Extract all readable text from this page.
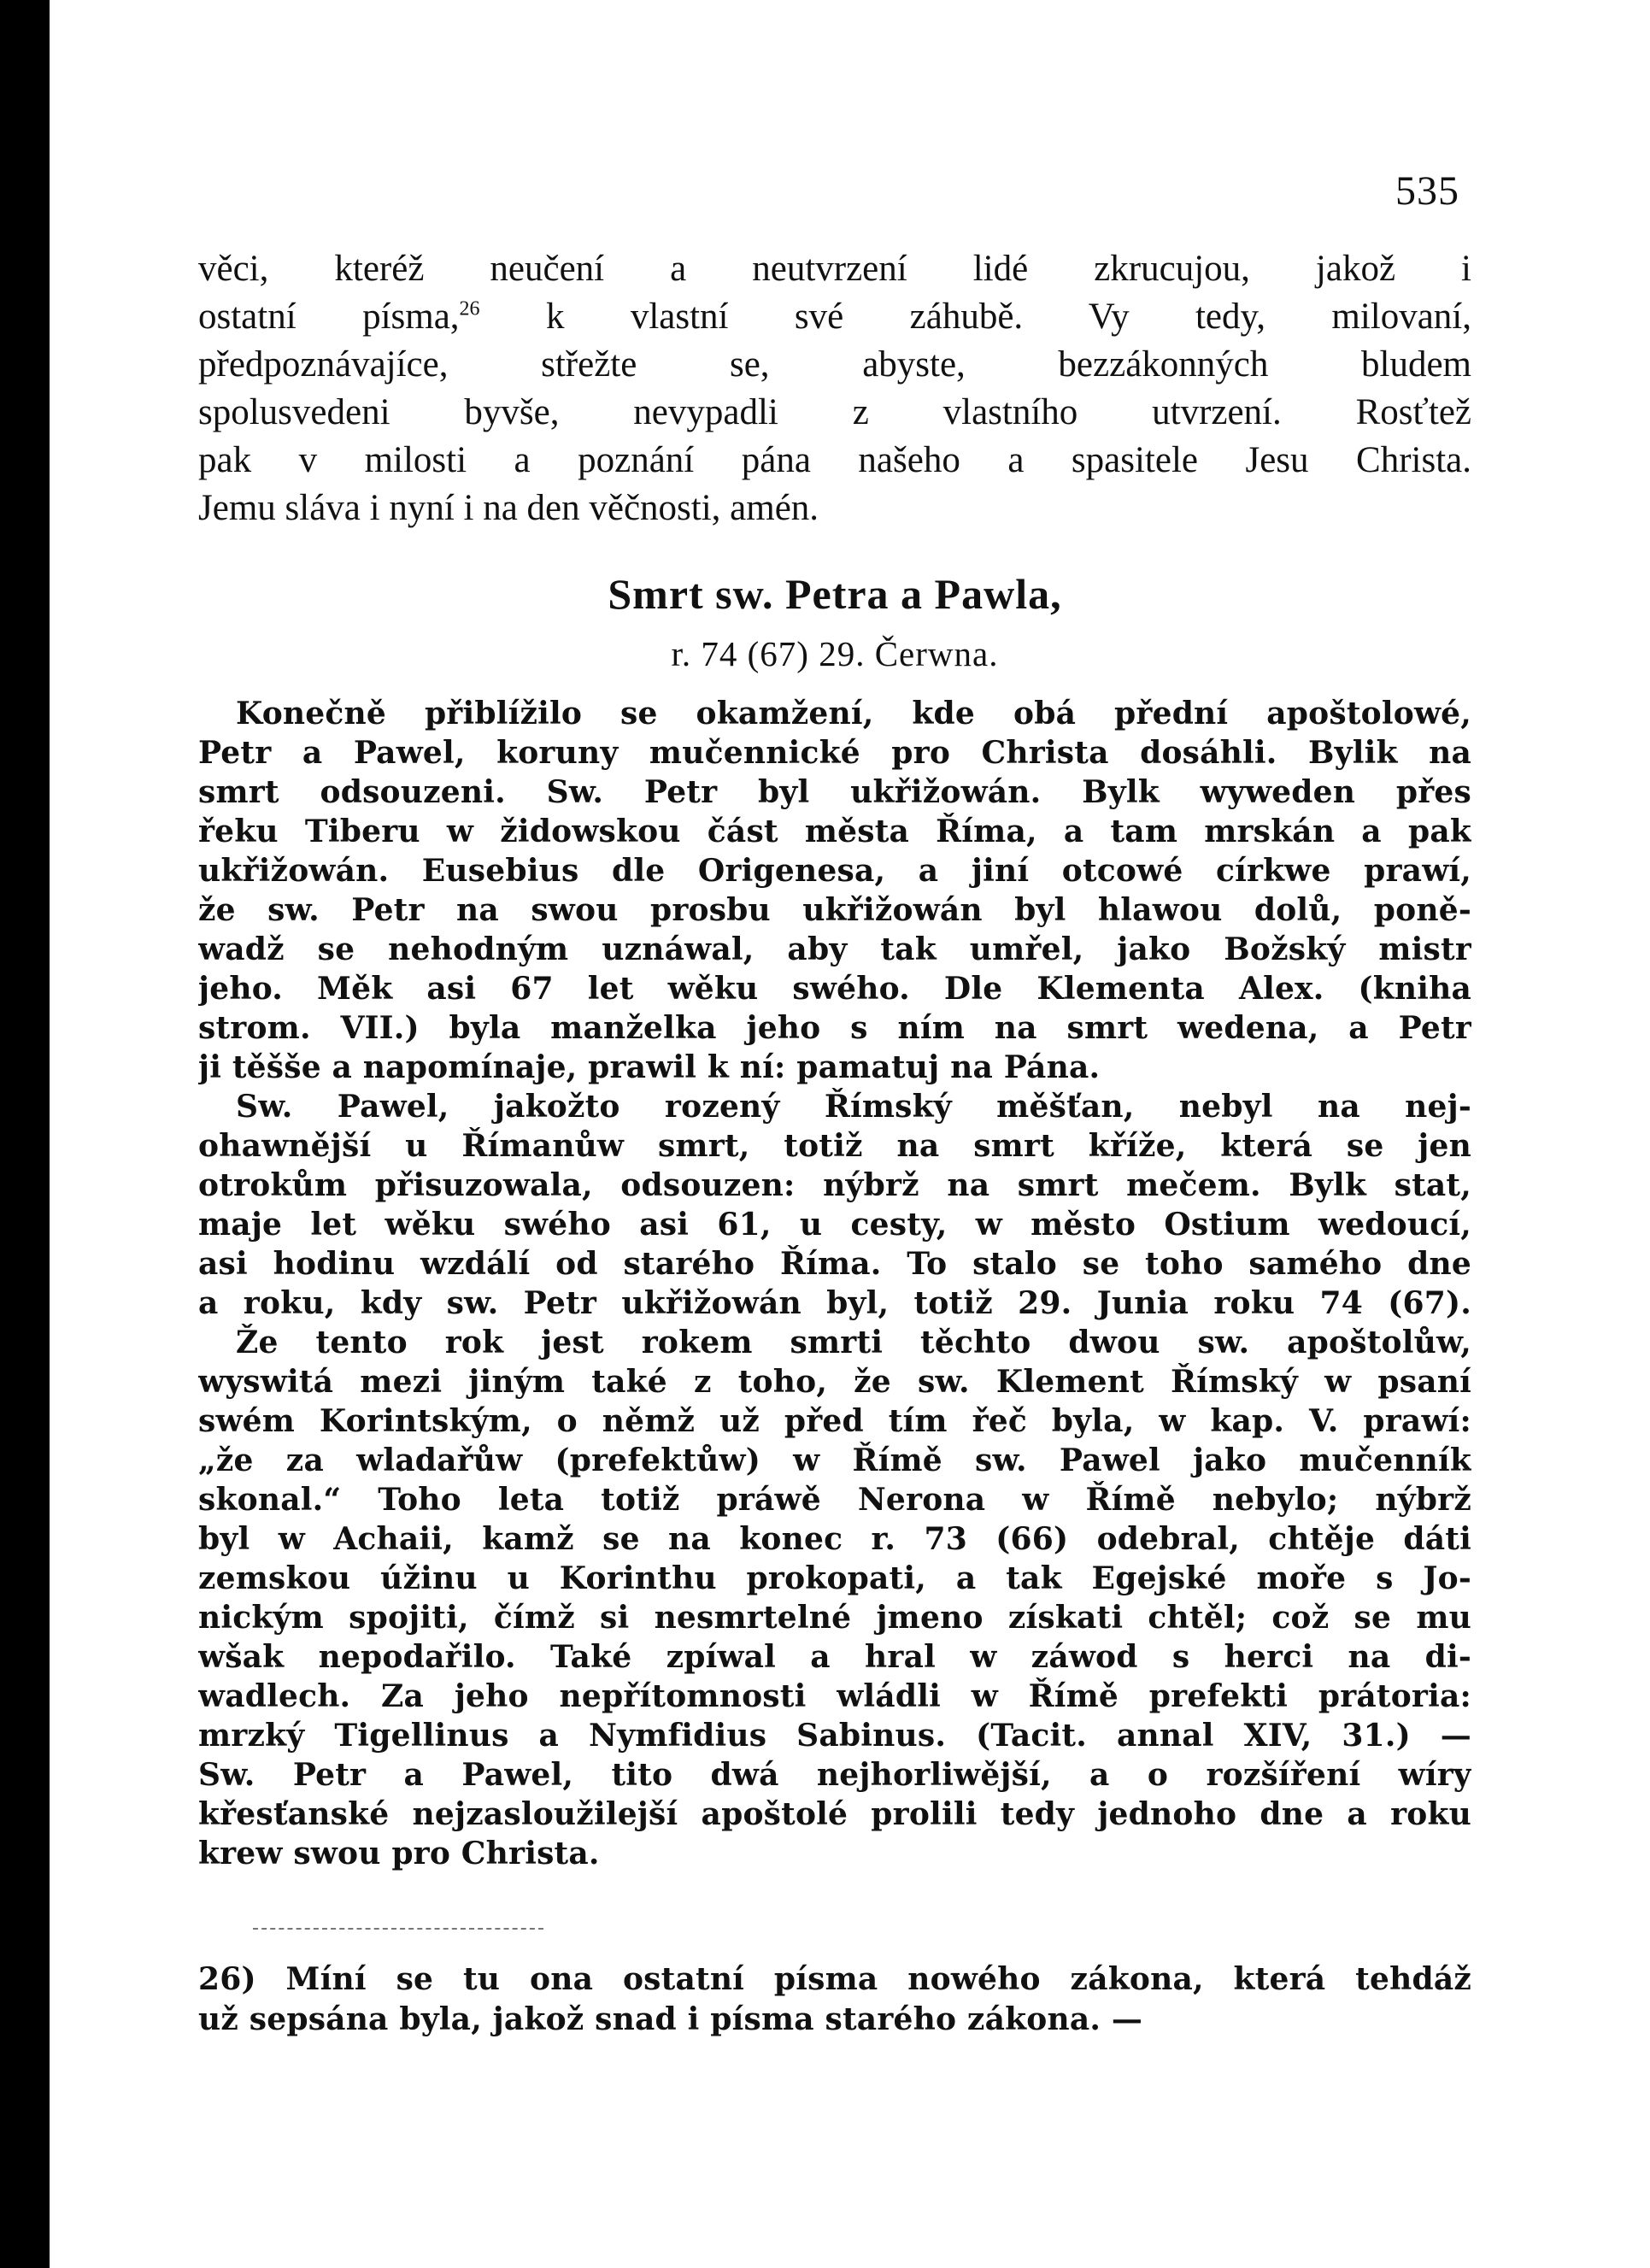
535
věci, kteréž neučení a neutvrzení lidé zkrucujou, jakož i
ostatní písma,$^{26}$ k vlastní své záhubě. Vy tedy, milovaní,
předpoznávajíce, střežte se, abyste, bezzákonných bludem
spolusvedeni byvše, nevypadli z vlastního utvrzení. Rosťtež
pak v milosti a poznání pána našeho a spasitele Jesu Christa.
Jemu sláva i nyní i na den věčnosti, amén.
Smrt sw. Petra a Pawla,
r. 74 (67) 29. Čerwna.
Konečně přiblížilo se okamžení, kde obá přední apoštolowé,
Petr a Pawel, koruny mučennické pro Christa dosáhli. Bylik na
smrt odsouzeni. Sw. Petr byl ukřižowán. Bylk wyweden přes
řeku Tiberu w židowskou část města Říma, a tam mrskán a pak
ukřižowán. Eusebius dle Origenesa, a jiní otcowé církwe prawí,
že sw. Petr na swou prosbu ukřižowán byl hlawou dolů, poně-
wadž se nehodným uznáwal, aby tak umřel, jako Božský mistr
jeho. Měk asi 67 let wěku swého. Dle Klementa Alex. (kniha
strom. VII.) byla manželka jeho s ním na smrt wedena, a Petr
ji těšše a napomínaje, prawil k ní: pamatuj na Pána.
Sw. Pawel, jakožto rozený Římský měšťan, nebyl na nej-
ohawnější u Římanůw smrt, totiž na smrt kříže, která se jen
otrokům přisuzowala, odsouzen: nýbrž na smrt mečem. Bylk stat,
maje let wěku swého asi 61, u cesty, w město Ostium wedoucí,
asi hodinu wzdálí od starého Říma. To stalo se toho samého dne
a roku, kdy sw. Petr ukřižowán byl, totiž 29. Junia roku 74 (67).
Že tento rok jest rokem smrti těchto dwou sw. apoštolůw,
wyswitá mezi jiným také z toho, že sw. Klement Římský w psaní
swém Korintským, o němž už před tím řeč byla, w kap. V. prawí:
„že za wladařůw (prefektůw) w Římě sw. Pawel jako mučenník
skonal.“ Toho leta totiž práwě Nerona w Římě nebylo; nýbrž
byl w Achaii, kamž se na konec r. 73 (66) odebral, chtěje dáti
zemskou úžinu u Korinthu prokopati, a tak Egejské moře s Jo-
nickým spojiti, čímž si nesmrtelné jmeno získati chtěl; což se mu
wšak nepodařilo. Také zpíwal a hral w záwod s herci na di-
wadlech. Za jeho nepřítomnosti wládli w Římě prefekti prátoria:
mrzký Tigellinus a Nymfidius Sabinus. (Tacit. annal XIV, 31.) —
Sw. Petr a Pawel, tito dwá nejhorliwější, a o rozšíření wíry
křesťanské nejzasloužilejší apoštolé prolili tedy jednoho dne a roku
krew swou pro Christa.
26) Míní se tu ona ostatní písma nowého zákona, která tehdáž
už sepsána byla, jakož snad i písma starého zákona. —
